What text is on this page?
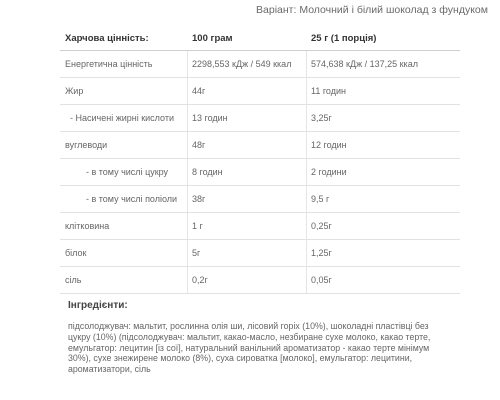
Варіант: Молочний і білий шоколад з фундуком
Харчова цінність:	100 грам	25 г (1 порція)
Енергетична цінність	2298,553 кДж / 549 ккал	574,638 кДж / 137,25 ккал
Жир	44г	11 годин
- Насичені жирні кислоти	13 годин	3,25г
вуглеводи	48г	12 годин
- в тому числі цукру	8 годин	2 години
- в тому числі поліоли	38г	9,5 г
клітковина	1 г	0,25г
білок	5г	1,25г
сіль	0,2г	0,05г

Інгредієнти:

підсолоджувач: мальтит, рослинна олія ши, лісовий горіх (10%), шоколадні пластівці без цукру (10%) (підсолоджувач: мальтит, какао-масло, незбиране сухе молоко, какао терте, емульгатор: лецитин [із сої], натуральний ванільний ароматизатор - какао терте мінімум 30%), сухе знежирене молоко (8%), суха сироватка [молоко], емульгатор: лецитини, ароматизатори, сіль
